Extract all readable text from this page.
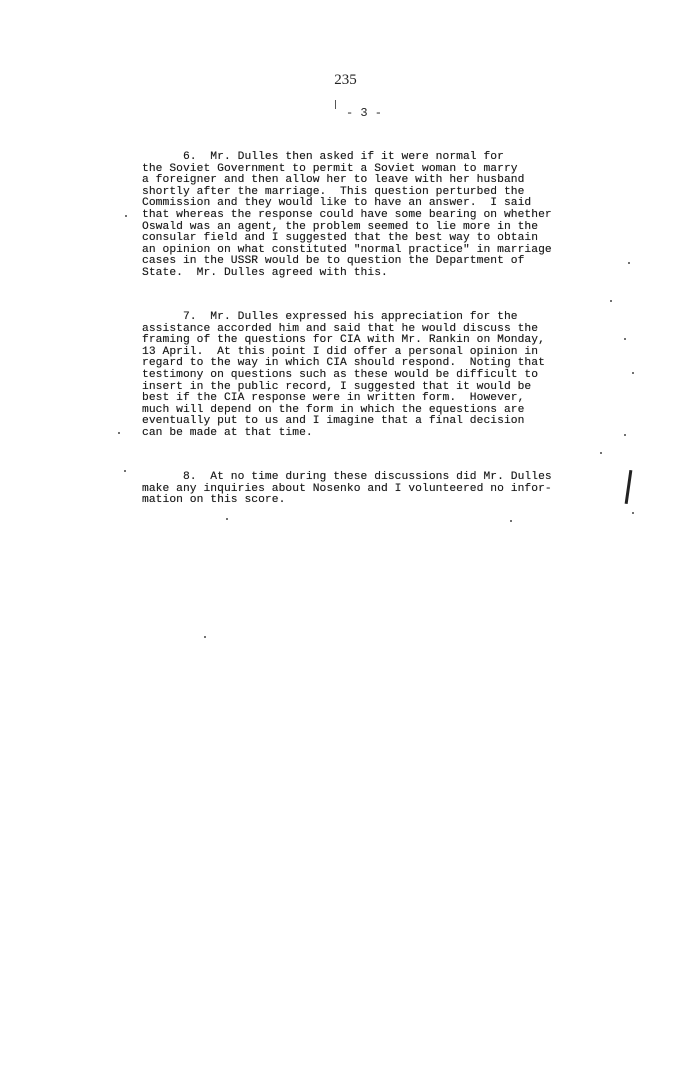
235
- 3 -

6.  Mr. Dulles then asked if it were normal for
the Soviet Government to permit a Soviet woman to marry
a foreigner and then allow her to leave with her husband
shortly after the marriage.  This question perturbed the
Commission and they would like to have an answer.  I said
that whereas the response could have some bearing on whether
Oswald was an agent, the problem seemed to lie more in the
consular field and I suggested that the best way to obtain
an opinion on what constituted "normal practice" in marriage
cases in the USSR would be to question the Department of
State.  Mr. Dulles agreed with this.

7.  Mr. Dulles expressed his appreciation for the
assistance accorded him and said that he would discuss the
framing of the questions for CIA with Mr. Rankin on Monday,
13 April.  At this point I did offer a personal opinion in
regard to the way in which CIA should respond.  Noting that
testimony on questions such as these would be difficult to
insert in the public record, I suggested that it would be
best if the CIA response were in written form.  However,
much will depend on the form in which the equestions are
eventually put to us and I imagine that a final decision
can be made at that time.

8.  At no time during these discussions did Mr. Dulles
make any inquiries about Nosenko and I volunteered no infor-
mation on this score.
